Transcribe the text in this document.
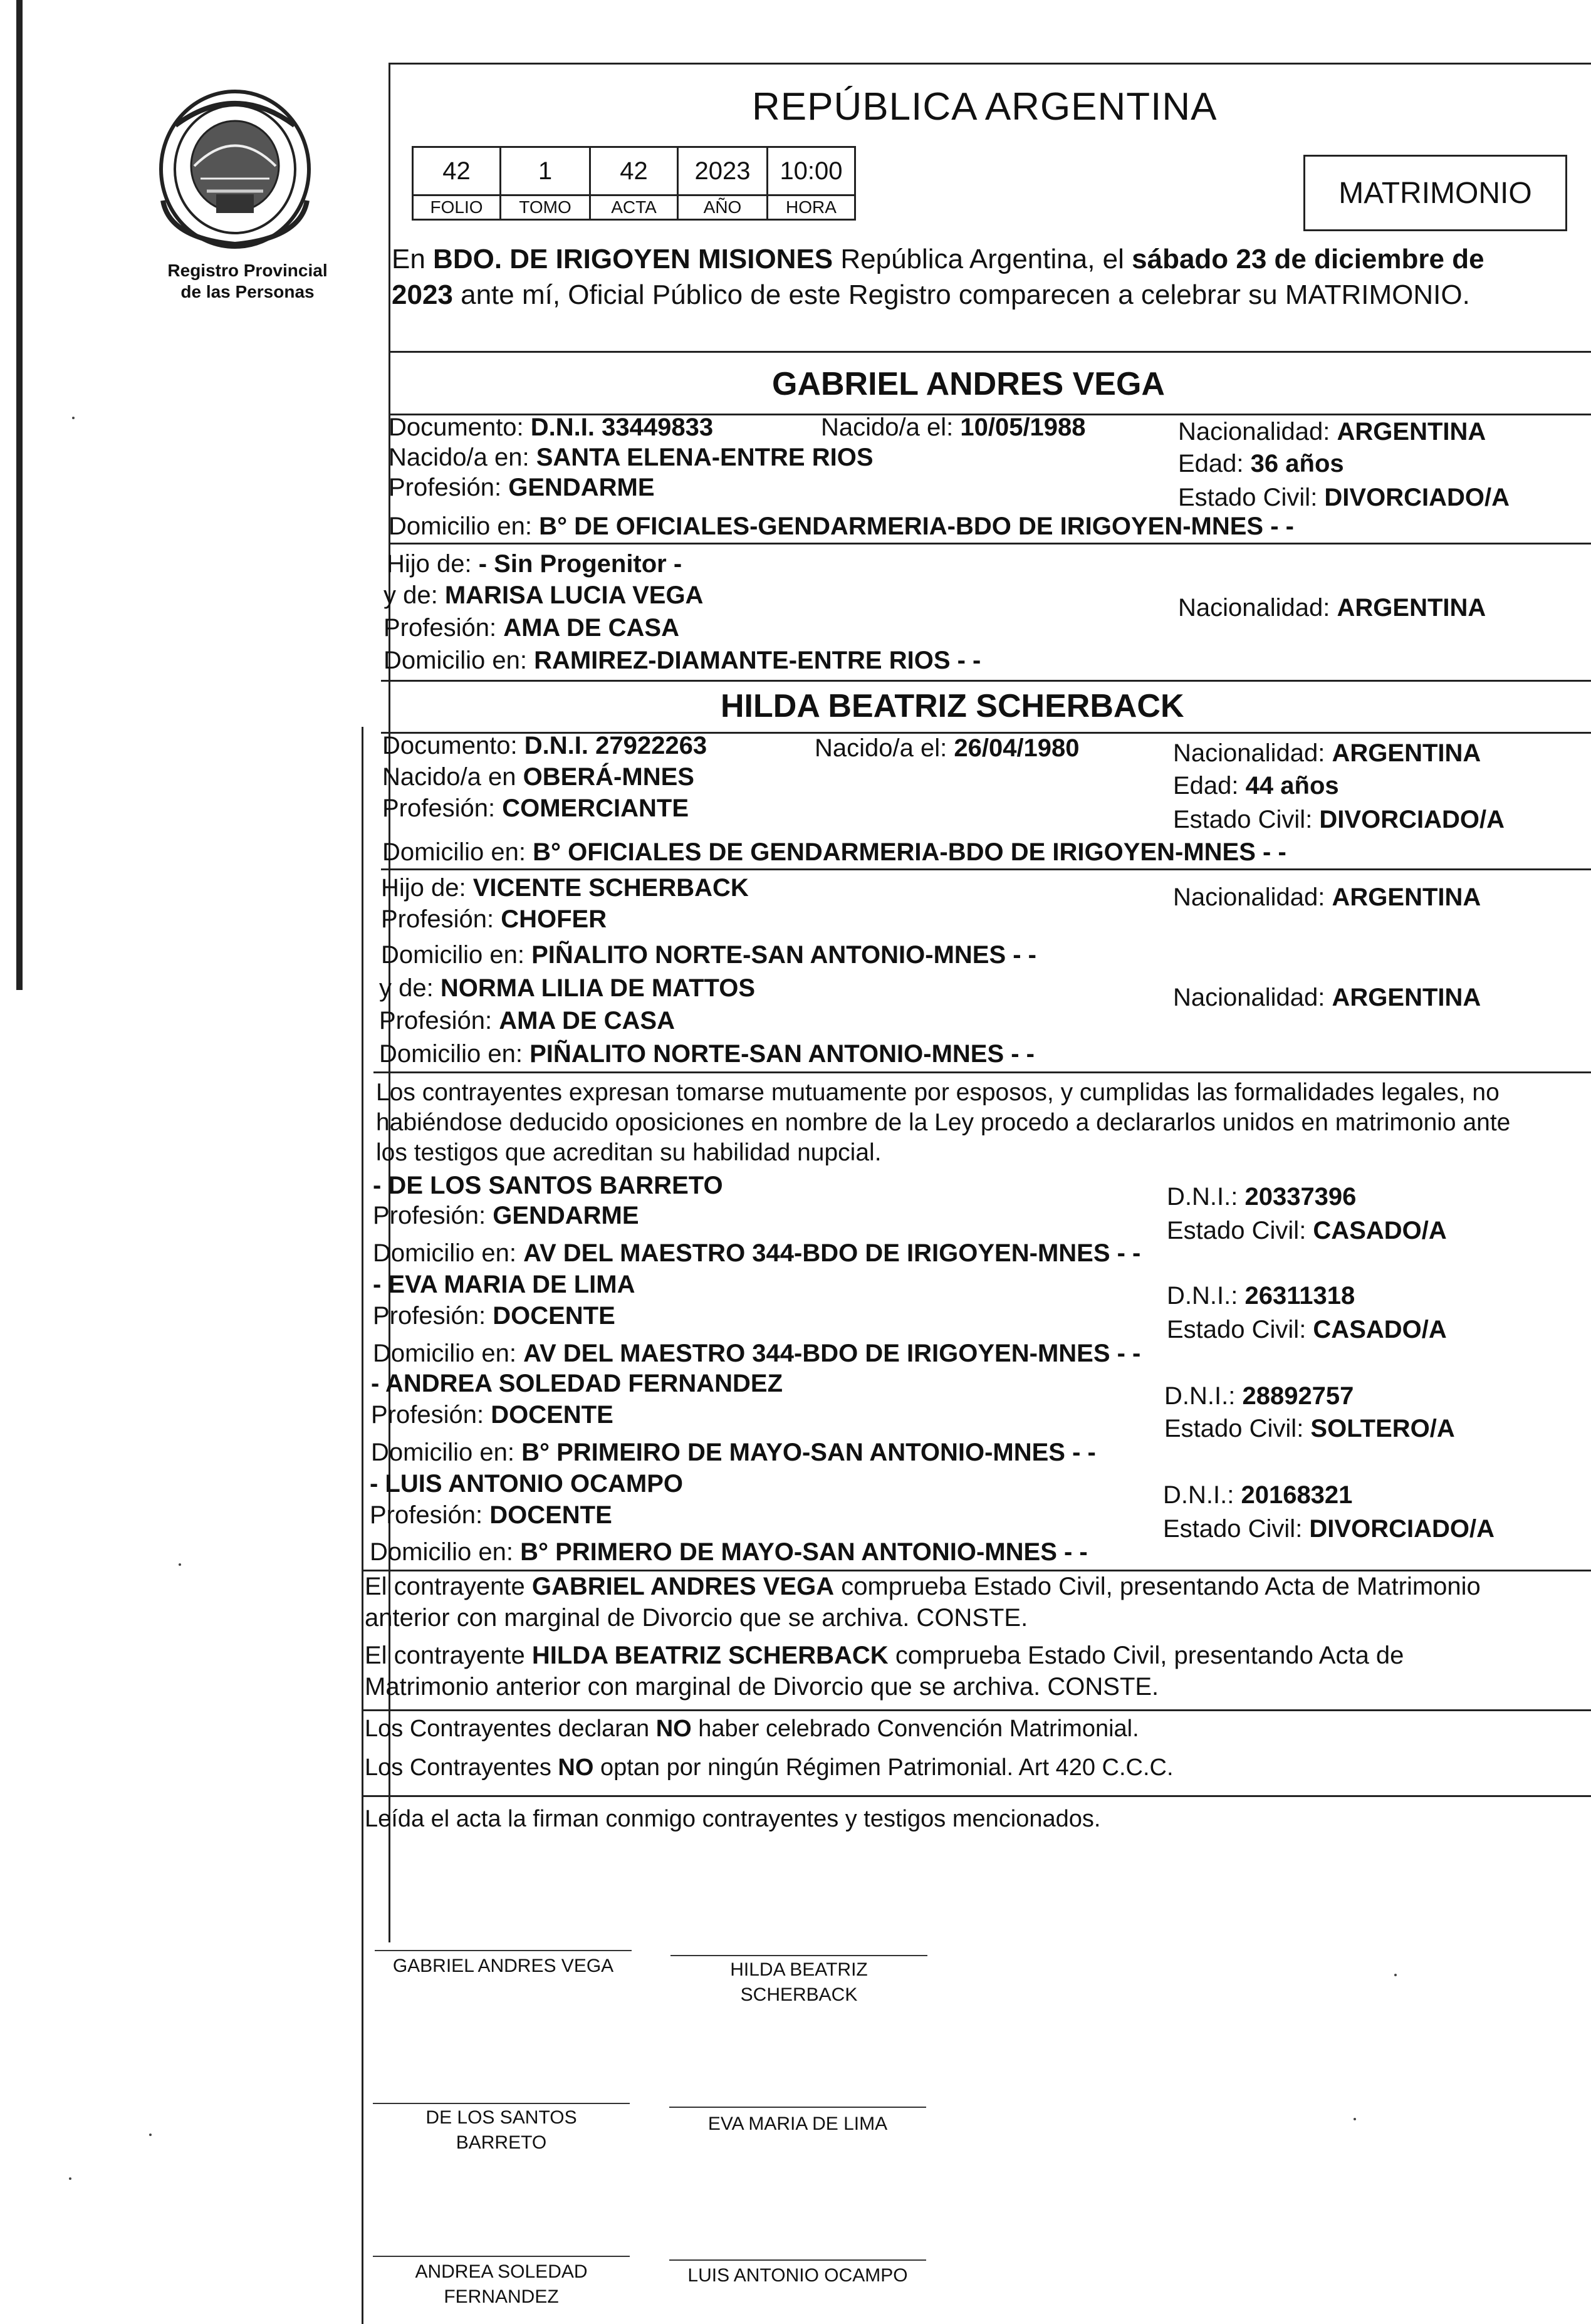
Registro Provincial de las Personas
REPÚBLICA ARGENTINA
42	1	42	2023	10:00
FOLIO	TOMO	ACTA	AÑO	HORA	MATRIMONIO
En BDO. DE IRIGOYEN MISIONES República Argentina, el sábado 23 de diciembre de
2023 ante mí, Oficial Público de este Registro comparecen a celebrar su MATRIMONIO.
GABRIEL ANDRES VEGA
Documento: D.N.I. 33449833	Nacido/a el: 10/05/1988	Nacionalidad: ARGENTINA
Nacido/a en: SANTA ELENA-ENTRE RIOS	Edad: 36 años
Profesión: GENDARME	Estado Civil: DIVORCIADO/A
Domicilio en: B° DE OFICIALES-GENDARMERIA-BDO DE IRIGOYEN-MNES - -
Hijo de: - Sin Progenitor -
y de: MARISA LUCIA VEGA	Nacionalidad: ARGENTINA
Profesión: AMA DE CASA
Domicilio en: RAMIREZ-DIAMANTE-ENTRE RIOS - -
HILDA BEATRIZ SCHERBACK
Documento: D.N.I. 27922263	Nacido/a el: 26/04/1980	Nacionalidad: ARGENTINA
Nacido/a en OBERÁ-MNES	Edad: 44 años
Profesión: COMERCIANTE	Estado Civil: DIVORCIADO/A
Domicilio en: B° OFICIALES DE GENDARMERIA-BDO DE IRIGOYEN-MNES - -
Hijo de: VICENTE SCHERBACK	Nacionalidad: ARGENTINA
Profesión: CHOFER
Domicilio en: PIÑALITO NORTE-SAN ANTONIO-MNES - -
y de: NORMA LILIA DE MATTOS	Nacionalidad: ARGENTINA
Profesión: AMA DE CASA
Domicilio en: PIÑALITO NORTE-SAN ANTONIO-MNES - -
Los contrayentes expresan tomarse mutuamente por esposos, y cumplidas las formalidades legales, no
habiéndose deducido oposiciones en nombre de la Ley procedo a declararlos unidos en matrimonio ante
los testigos que acreditan su habilidad nupcial.
- DE LOS SANTOS BARRETO	D.N.I.: 20337396
Profesión: GENDARME
Estado Civil: CASADO/A
Domicilio en: AV DEL MAESTRO 344-BDO DE IRIGOYEN-MNES - -
- EVA MARIA DE LIMA	D.N.I.: 26311318
Profesión: DOCENTE	Estado Civil: CASADO/A
Domicilio en: AV DEL MAESTRO 344-BDO DE IRIGOYEN-MNES - -
- ANDREA SOLEDAD FERNANDEZ	D.N.I.: 28892757
Profesión: DOCENTE	Estado Civil: SOLTERO/A
Domicilio en: B° PRIMEIRO DE MAYO-SAN ANTONIO-MNES - -
- LUIS ANTONIO OCAMPO	D.N.I.: 20168321
Profesión: DOCENTE	Estado Civil: DIVORCIADO/A
Domicilio en: B° PRIMERO DE MAYO-SAN ANTONIO-MNES - -
El contrayente GABRIEL ANDRES VEGA comprueba Estado Civil, presentando Acta de Matrimonio
anterior con marginal de Divorcio que se archiva. CONSTE.
El contrayente HILDA BEATRIZ SCHERBACK comprueba Estado Civil, presentando Acta de
Matrimonio anterior con marginal de Divorcio que se archiva. CONSTE.
Los Contrayentes declaran NO haber celebrado Convención Matrimonial.
Los Contrayentes NO optan por ningún Régimen Patrimonial. Art 420 C.C.C.
Leída el acta la firman conmigo contrayentes y testigos mencionados.
GABRIEL ANDRES VEGA	HILDA BEATRIZ
SCHERBACK
DE LOS SANTOS
BARRETO
EVA MARIA DE LIMA
ANDREA SOLEDAD
FERNANDEZ
LUIS ANTONIO OCAMPO
